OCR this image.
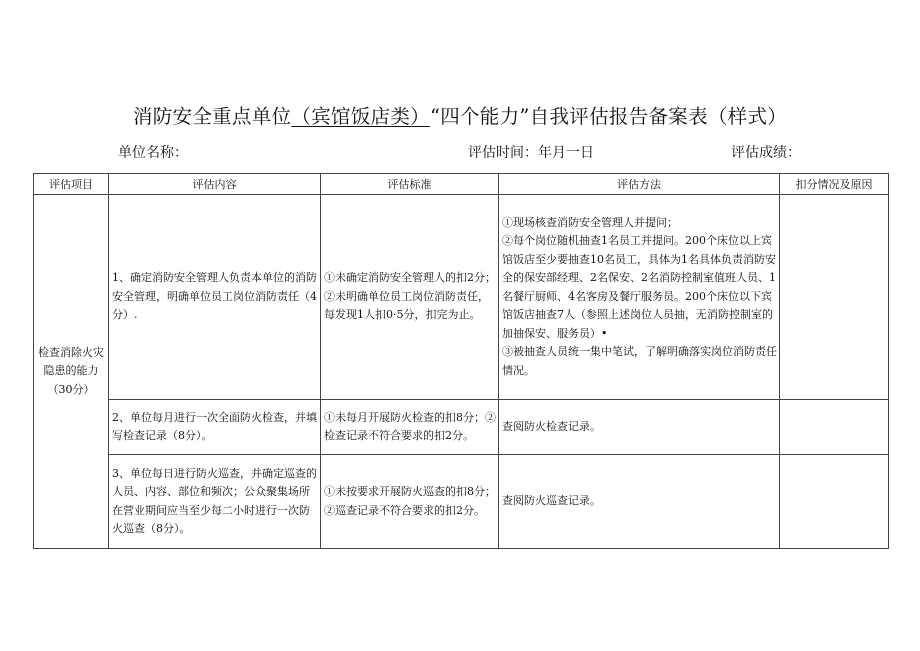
消防安全重点单位（宾馆饭店类）“四个能力”自我评估报告备案表（样式）
单位名称：	评估时间：年月一日	评估成绩：
评估项目	评估内容	评估标准	评估方法	扣分情况及原因
检查消除火灾隐患的能力（30分）	1、确定消防安全管理人负责本单位的消防安全管理，明确单位员工岗位消防责任（4分）.	①未确定消防安全管理人的扣2分；②未明确单位员工岗位消防责任，每发现1人扣0·5分，扣完为止。	①现场核查消防安全管理人并提问；
②每个岗位随机抽查1名员工并提问。200个床位以上宾馆饭店至少要抽查10名员工，具体为1名具体负责消防安全的保安部经理、2名保安、2名消防控制室值班人员、1名餐厅厨师、4名客房及餐厅服务员。200个床位以下宾馆饭店抽查7人（参照上述岗位人员抽，无消防控制室的加抽保安、服务员）•
③被抽查人员统一集中笔试，了解明确落实岗位消防责任情况。	

	2、单位每月进行一次全面防火检查，并填写检查记录（8分）。	①未每月开展防火检查的扣8分；②检查记录不符合要求的扣2分。	查阅防火检查记录。	
	3、单位每日进行防火巡查，并确定巡查的人员、内容、部位和频次；公众聚集场所在营业期间应当至少每二小时进行一次防火巡查（8分）。	①未按要求开展防火巡查的扣8分；②巡查记录不符合要求的扣2分。	查阅防火巡查记录。	
